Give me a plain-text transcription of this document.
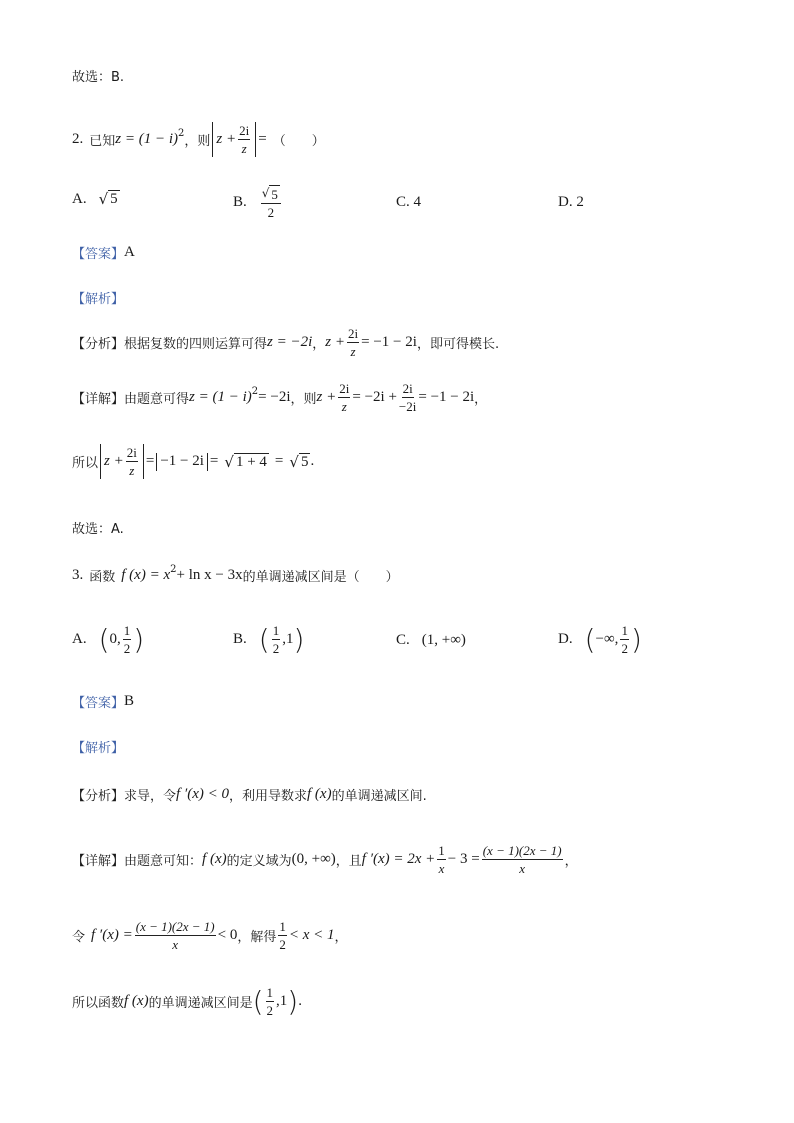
故选：B.
2. 已知 z = (1 − i) 2
，则 $z + \frac{2i}{z}$ = （　　）
A. √ 5	B. $\frac{√ 5}{2}$	C. 4	D. 2
【答案】 A
【解析】
【分析】 根据复数的四则运算可得 z = −2i ， $z + \frac{2i}{z} = -1 - 2i$ ，即可得模长.
【详解】 由题意可得 z = (1 − i) 2 = −2i ，则 $z + \frac{2i}{z} = -2i + \frac{2i}{-2i} = -1 - 2i$ ，
所以 $z + \frac{2i}{z} = -1 - 2i$ = √ 1 + 4 = √ 5 .
故选：A.
3. 函数 f (x) = x 2 + ln x − 3x 的单调递减区间是（　　）
A. ( 0, $\frac{1}{2}$ )	B. ( $\frac{1}{2} ,1$ )	C. (1, +∞)	D. ( −∞, $\frac{1}{2}$ )
【答案】 B
【解析】
【分析】 求导，令 f ′(x) < 0 ，利用导数求 f (x) 的单调递减区间.
【详解】 由题意可知： f (x) 的定义域为 (0, +∞) ，且 f $'(x) = 2x + \frac{1}{x} - 3 = \frac{(x - 1)(2x - 1)}{x}$ ，
令 f $'(x) = \frac{(x - 1)(2x - 1)}{x} < 0$ ，解得 $\frac{1}{2} < x < 1$ ，
所以函数 f (x) 的单调递减区间是 ( $\frac{1}{2} ,1$ ) .
